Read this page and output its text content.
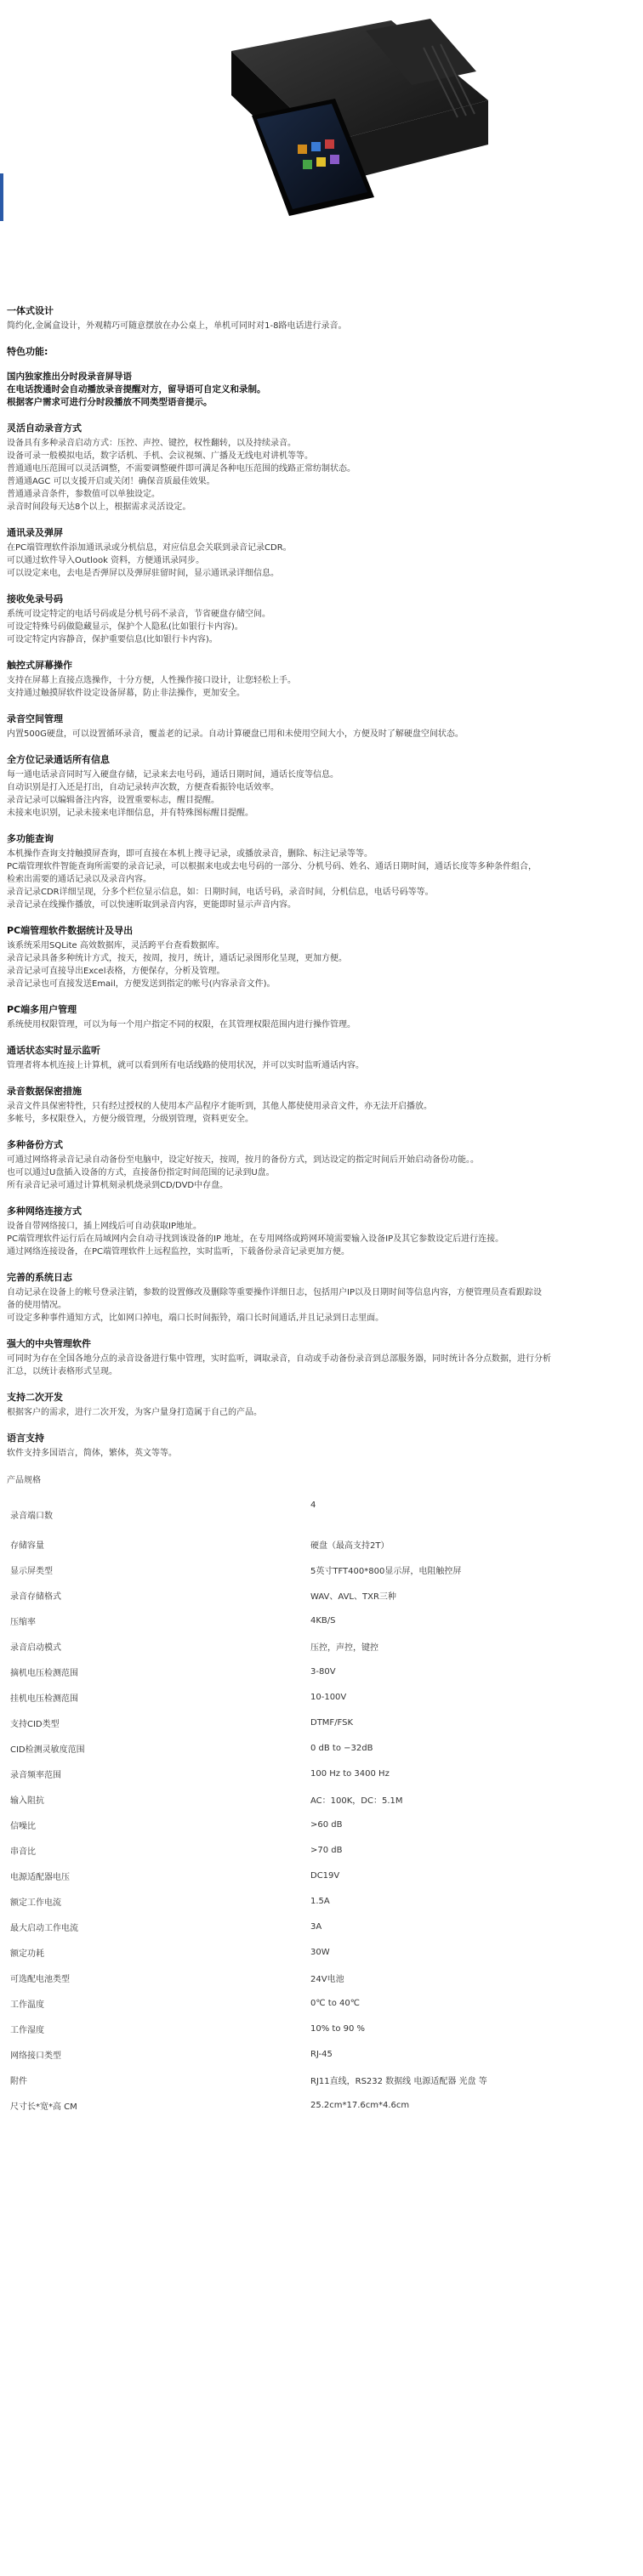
一体式设计
简约化,金属盒设计，外观精巧可随意摆放在办公桌上，单机可同时对1-8路电话进行录音。
特色功能:
国内独家推出分时段录音屏导语
在电话拨通时会自动播放录音提醒对方，留导语可自定义和录制。
根据客户需求可进行分时段播放不同类型语音提示。
灵活自动录音方式
设备具有多种录音启动方式：压控、声控、键控，权性翻转，以及持续录音。
设备可录一般模拟电话，数字话机、手机、会议视频、广播及无线电对讲机等等。
普通通电压范围可以灵活调整，不需要调整硬件即可满足各种电压范围的线路正常纺制状态。
普通通AGC 可以支援开启或关闭！确保音质最佳效果。
普通通录音条件，参数值可以单独设定。
录音时间段每天达8个以上，根据需求灵活设定。
通讯录及弹屏
在PC端管理软件添加通讯录或分机信息，对应信息会关联到录音记录CDR。
可以通过软件导入Outlook 资料，方便通讯录同步。
可以设定来电，去电是否弹屏以及弹屏驻留时间，显示通讯录详细信息。
接收免录号码
系统可设定特定的电话号码或是分机号码不录音，节省硬盘存储空间。
可设定特殊号码做隐藏显示，保护个人隐私(比如银行卡内容)。
可设定特定内容静音，保护重要信息(比如银行卡内容)。
触控式屏幕操作
支持在屏幕上直接点选操作，十分方便，人性操作接口设计，让您轻松上手。
支持通过触摸屏软件设定设备屏幕，防止非法操作，更加安全。
录音空间管理
内置500G硬盘，可以设置循环录音，覆盖老的记录。自动计算硬盘已用和未使用空间大小，方便及时了解硬盘空间状态。
全方位记录通话所有信息
每一通电话录音同时写入硬盘存储，记录来去电号码，通话日期时间，通话长度等信息。
自动识别是打入还是打出，自动记录转声次数，方便查看振铃电话效率。
录音记录可以编辑备注内容，设置重要标志，醒目提醒。
未接来电识别，记录未接来电详细信息，并有特殊图标醒目提醒。
多功能查询
本机操作查询支持触摸屏查询，即可直接在本机上搜寻记录，或播放录音，删除、标注记录等等。
PC端管理软件智能查询所需要的录音记录，可以根据来电或去电号码的一部分、分机号码、姓名、通话日期时间，通话长度等多种条件组合，
检索出需要的通话记录以及录音内容。
录音记录CDR详细呈现，分多个栏位显示信息，如：日期时间，电话号码，录音时间，分机信息，电话号码等等。
录音记录在线操作播放，可以快速听取到录音内容，更能即时显示声音内容。
PC端管理软件数据统计及导出
该系统采用SQLite 高效数据库，灵活跨平台查看数据库。
录音记录具备多种统计方式，按天，按周，按月，统计，通话记录图形化呈现，更加方便。
录音记录可直接导出Excel表格，方便保存，分析及管理。
录音记录也可直接发送Email，方便发送到指定的帐号(内容录音文件)。
PC端多用户管理
系统使用权限管理，可以为每一个用户指定不同的权限，在其管理权限范围内进行操作管理。
通话状态实时显示监听
管理者将本机连接上计算机，就可以看到所有电话线路的使用状况，并可以实时监听通话内容。
录音数据保密措施
录音文件具保密特性，只有经过授权的人使用本产品程序才能听到，其他人都使使用录音文件，亦无法开启播放。
多帐号，多权限登入，方便分级管理，分级别管理，资料更安全。
多种备份方式
可通过网络将录音记录自动备份至电脑中，设定好按天，按周，按月的备份方式，到达设定的指定时间后开始启动备份功能。。
也可以通过U盘插入设备的方式，直接备份指定时间范围的记录到U盘。
所有录音记录可通过计算机刻录机烧录到CD/DVD中存盘。
多种网络连接方式
设备自带网络接口，插上网线后可自动获取IP地址。
PC端管理软件运行后在局域网内会自动寻找到该设备的IP 地址，在专用网络或跨网环境需要输入设备IP及其它参数设定后进行连接。
通过网络连接设备，在PC端管理软件上远程监控，实时监听，下载备份录音记录更加方便。
完善的系统日志
自动记录在设备上的帐号登录注销，参数的设置修改及删除等重要操作详细日志，包括用户IP以及日期时间等信息内容，方便管理员查看跟踪设
备的使用情况。
可设定多种事件通知方式，比如网口掉电，端口长时间振铃，端口长时间通话,并且记录到日志里面。
强大的中央管理软件
可同时为存在全国各地分点的录音设备进行集中管理，实时监听，调取录音，自动或手动备份录音到总部服务器，同时统计各分点数据，进行分析
汇总，以统计表格形式呈现。
支持二次开发
根据客户的需求，进行二次开发，为客户量身打造属于自己的产品。
语言支持
软件支持多国语言，简体，繁体，英文等等。
产品规格
录音端口数	4
存储容量	硬盘（最高支持2T）
显示屏类型	5英寸TFT400*800显示屏，电阻触控屏
录音存储格式	WAV、AVL、TXR三种
压缩率	4KB/S
录音启动模式	压控，声控，键控
摘机电压检测范围	3-80V
挂机电压检测范围	10-100V
支持CID类型	DTMF/FSK
CID检测灵敏度范围	0 dB to −32dB
录音频率范围	100 Hz to 3400 Hz
输入阻抗	AC：100K，DC：5.1M
信噪比	>60 dB
串音比	>70 dB
电源适配器电压	DC19V
额定工作电流	1.5A
最大启动工作电流	3A
额定功耗	30W
可选配电池类型	24V电池
工作温度	0℃ to 40℃
工作湿度	10% to 90 %
网络接口类型	RJ-45
附件	RJ11直线，RS232 数据线 电源适配器 光盘 等
尺寸长*宽*高 CM	25.2cm*17.6cm*4.6cm
